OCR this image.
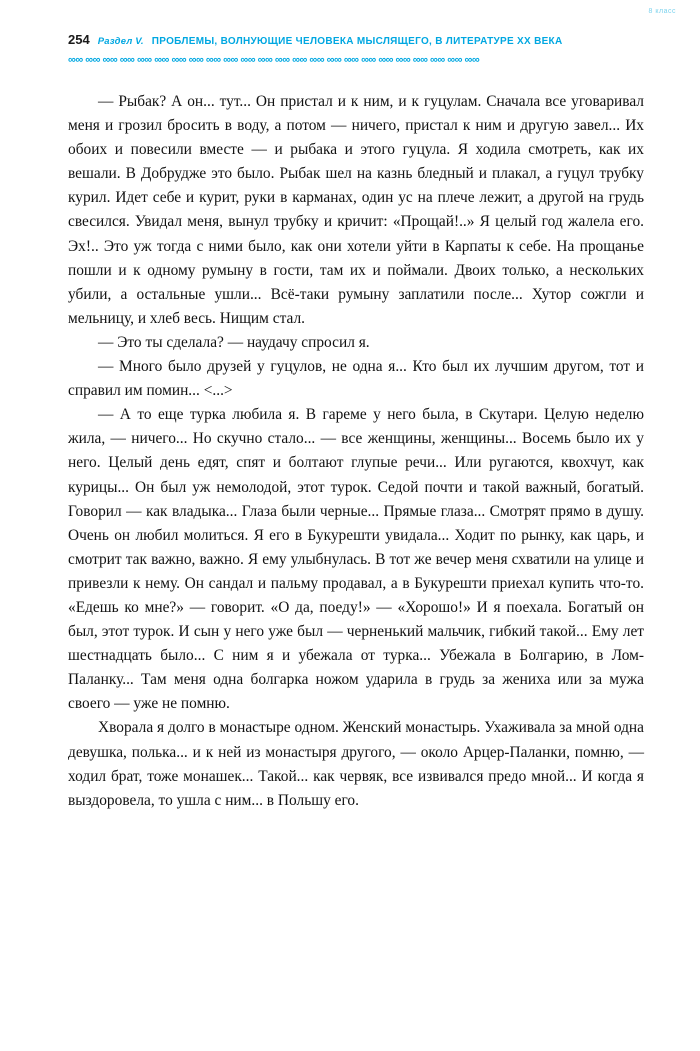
8 класс
254 Раздел V. ПРОБЛЕМЫ, ВОЛНУЮЩИЕ ЧЕЛОВЕКА МЫСЛЯЩЕГО, В ЛИТЕРАТУРЕ ХХ ВЕКА
∞∞ ∞∞ ∞∞ ∞∞ ∞∞ ∞∞ ∞∞ ∞∞ ∞∞ ∞∞ ∞∞ ∞∞ ∞∞ ∞∞ ∞∞ ∞∞ ∞∞ ∞∞ ∞∞ ∞∞ ∞∞ ∞∞ ∞∞ ∞∞

— Рыбак? А он... тут... Он пристал и к ним, и к гуцулам. Сначала все уговаривал меня и грозил бросить в воду, а потом — ничего, пристал к ним и другую завел... Их обоих и повесили вместе — и рыбака и этого гуцула. Я ходила смотреть, как их вешали. В Добрудже это было. Рыбак шел на казнь бледный и плакал, а гуцул трубку курил. Идет себе и курит, руки в карманах, один ус на плече лежит, а другой на грудь свесился. Увидал меня, вынул трубку и кричит: «Прощай!..» Я целый год жалела его. Эх!.. Это уж тогда с ними было, как они хотели уйти в Карпаты к себе. На прощанье пошли и к одному румыну в гости, там их и поймали. Двоих только, а нескольких убили, а остальные ушли... Всё-таки румыну заплатили после... Хутор сожгли и мельницу, и хлеб весь. Нищим стал.

— Это ты сделала? — наудачу спросил я.

— Много было друзей у гуцулов, не одна я... Кто был их лучшим другом, тот и справил им помин... <...>

— А то еще турка любила я. В гареме у него была, в Скутари. Целую неделю жила, — ничего... Но скучно стало... — все женщины, женщины... Восемь было их у него. Целый день едят, спят и болтают глупые речи... Или ругаются, квохчут, как курицы... Он был уж немолодой, этот турок. Седой почти и такой важный, богатый. Говорил — как владыка... Глаза были черные... Прямые глаза... Смотрят прямо в душу. Очень он любил молиться. Я его в Букурешти увидала... Ходит по рынку, как царь, и смотрит так важно, важно. Я ему улыбнулась. В тот же вечер меня схватили на улице и привезли к нему. Он сандал и пальму продавал, а в Букурешти приехал купить что-то. «Едешь ко мне?» — говорит. «О да, поеду!» — «Хорошо!» И я поехала. Богатый он был, этот турок. И сын у него уже был — черненький мальчик, гибкий такой... Ему лет шестнадцать было... С ним я и убежала от турка... Убежала в Болгарию, в Лом-Паланку... Там меня одна болгарка ножом ударила в грудь за жениха или за мужа своего — уже не помню.

Хворала я долго в монастыре одном. Женский монастырь. Ухаживала за мной одна девушка, полька... и к ней из монастыря другого, — около Арцер-Паланки, помню, — ходил брат, тоже монашек... Такой... как червяк, все извивался предо мной... И когда я выздоровела, то ушла с ним... в Польшу его.
